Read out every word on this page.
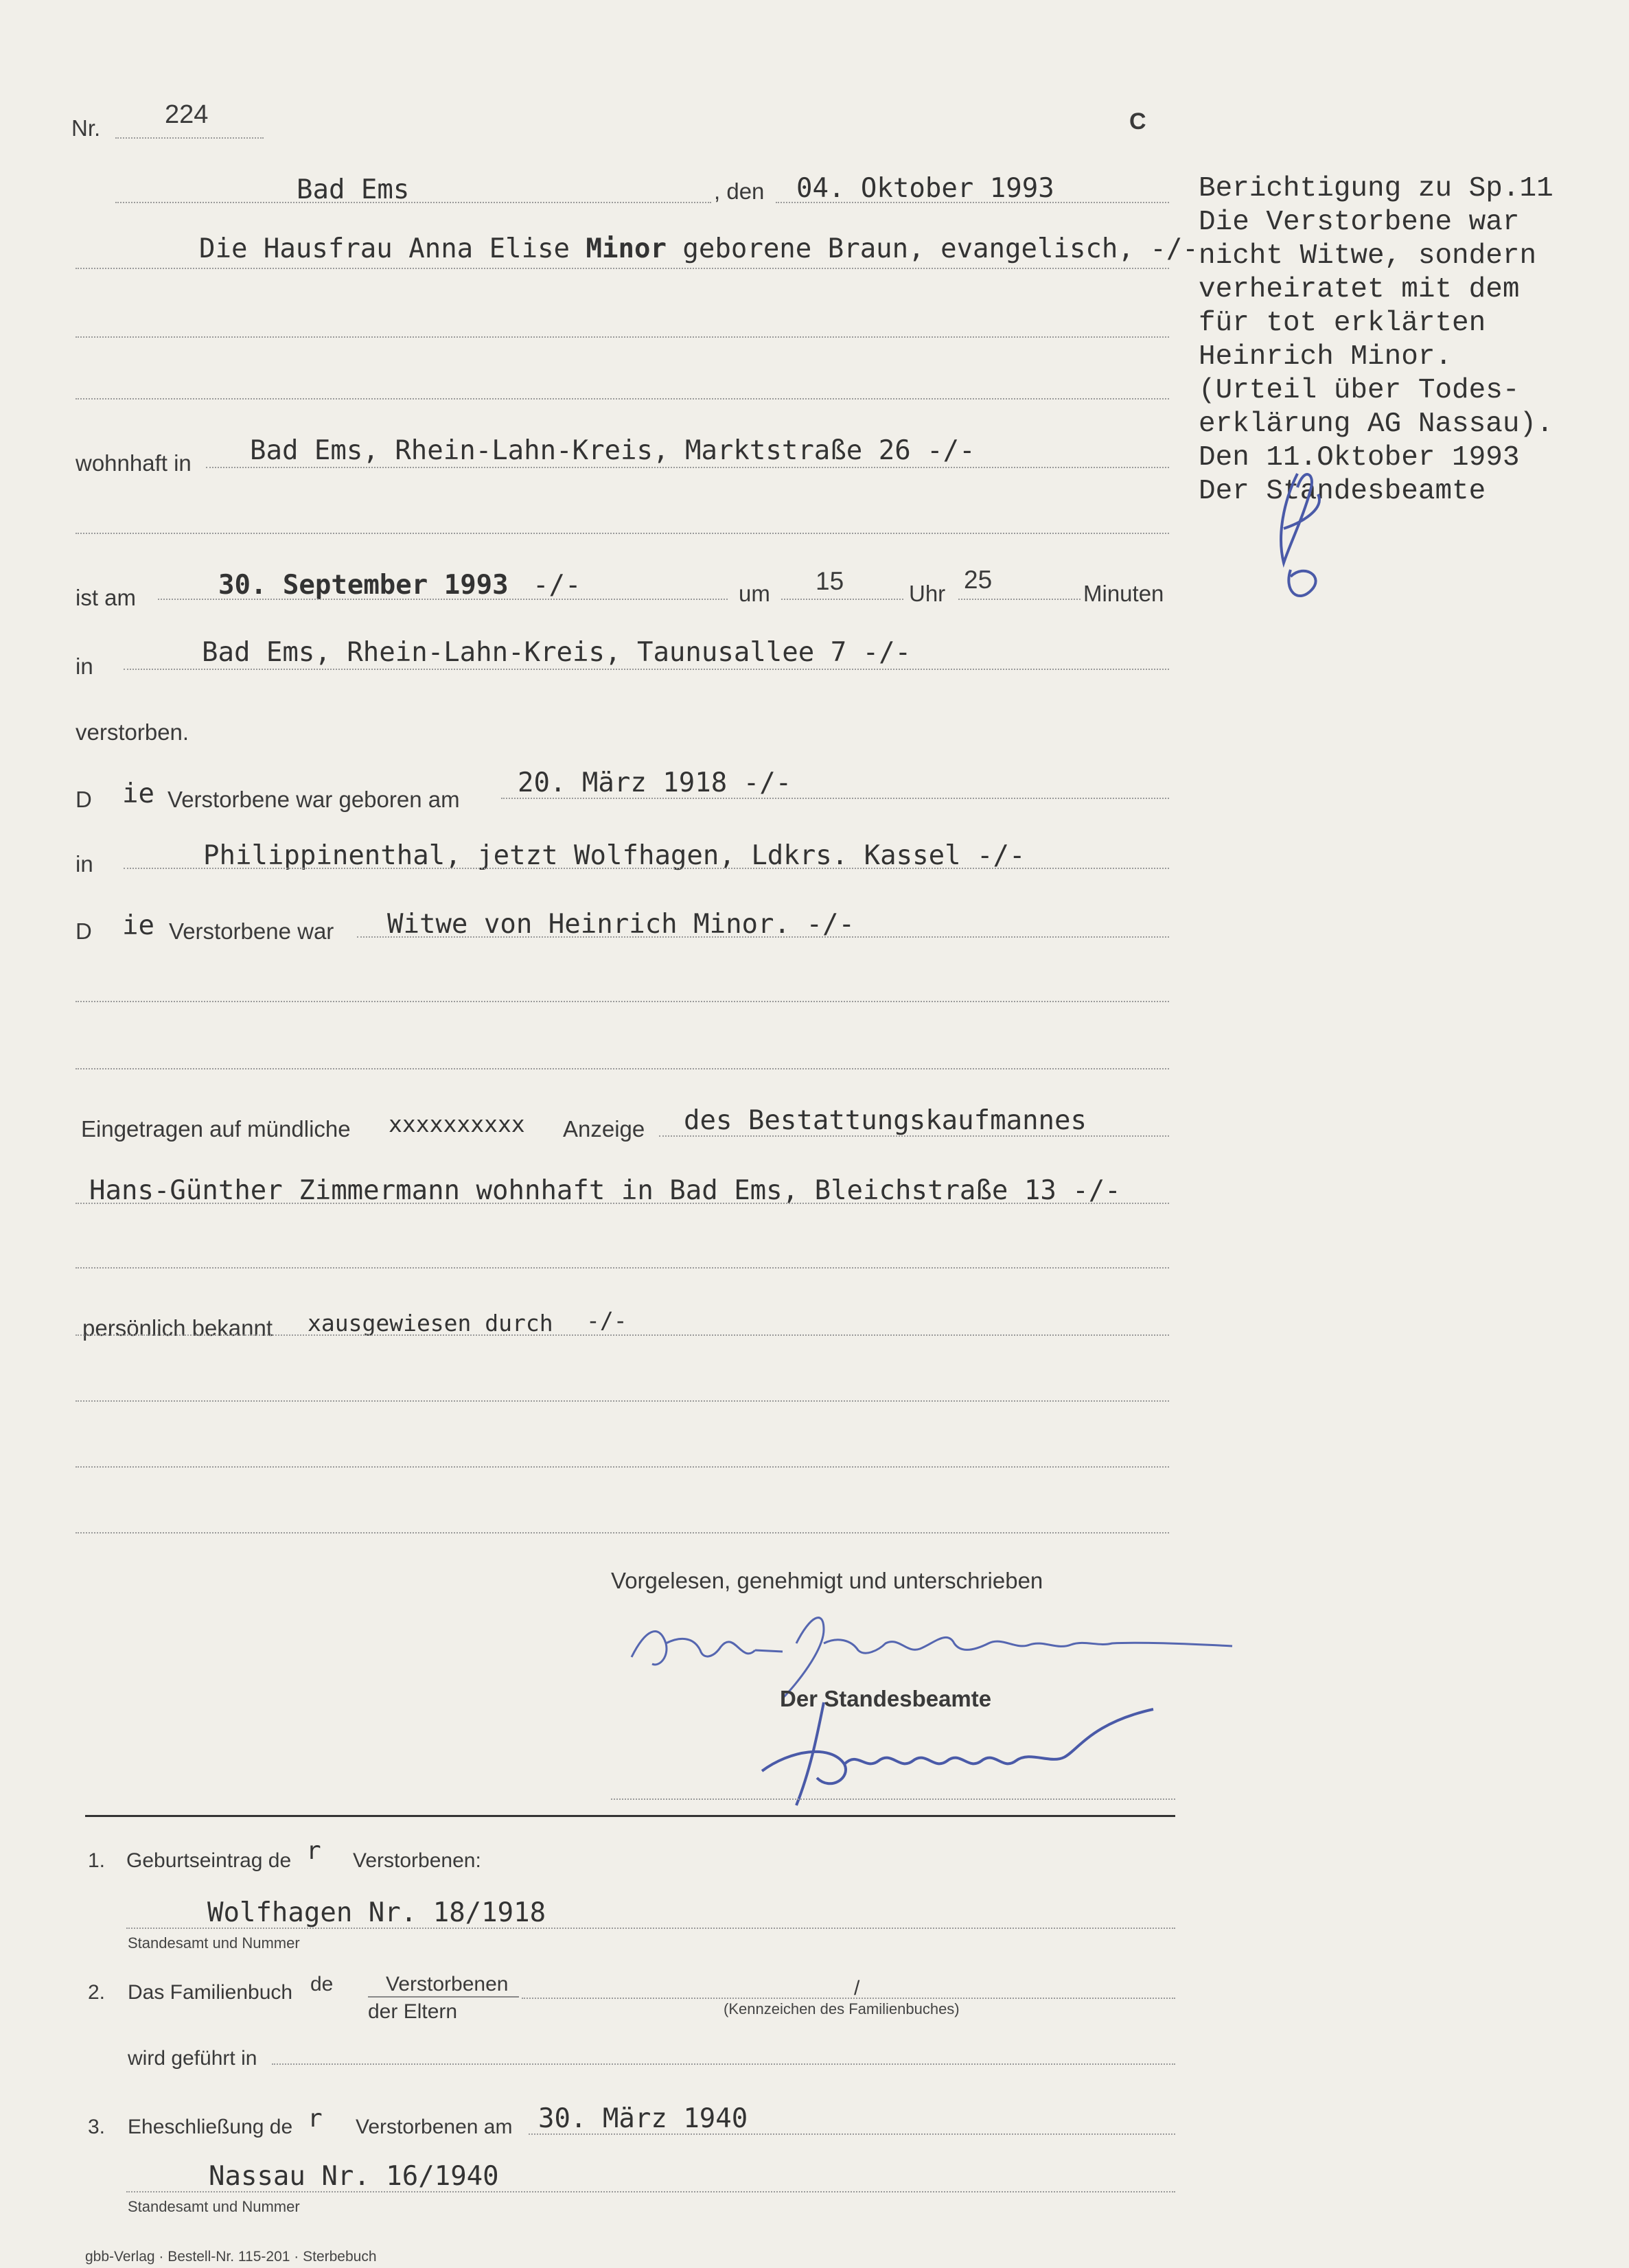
Nr. 224	C
Bad Ems	, den 04. Oktober 1993
Die Hausfrau Anna Elise Minor geborene Braun, evangelisch, -/-
wohnhaft in Bad Ems, Rhein-Lahn-Kreis, Marktstraße 26 -/-
ist am	30. September 1993 -/-	um 15	Uhr 25	Minuten
in	Bad Ems, Rhein-Lahn-Kreis, Taunusallee 7 -/-
verstorben.
D ie Verstorbene war geboren am
20. März 1918 -/-
in	Philippinenthal, jetzt Wolfhagen, Ldkrs. Kassel -/-
D ie Verstorbene war Witwe von Heinrich Minor. -/-
Eingetragen auf mündliche xxxxxxxxxx Anzeige des Bestattungskaufmannes
Hans-Günther Zimmermann wohnhaft in Bad Ems, Bleichstraße 13 -/-
persönlich bekannt xausgewiesen durch -/-
Vorgelesen, genehmigt und unterschrieben
Der Standesbeamte

Berichtigung zu Sp.11
Die Verstorbene war
nicht Witwe, sondern
verheiratet mit dem
für tot erklärten
Heinrich Minor.
(Urteil über Todes-
erklärung AG Nassau).
Den 11.Oktober 1993
Der Standesbeamte

1. Geburtseintrag de r Verstorbenen:
Wolfhagen Nr. 18/1918
Standesamt und Nummer
2. Das Familienbuch de	Verstorbenen
der Eltern
/
(Kennzeichen des Familienbuches)
wird geführt in
3. Eheschließung de r Verstorbenen am 30. März 1940
Nassau Nr. 16/1940
Standesamt und Nummer
gbb-Verlag · Bestell-Nr. 115-201 · Sterbebuch
